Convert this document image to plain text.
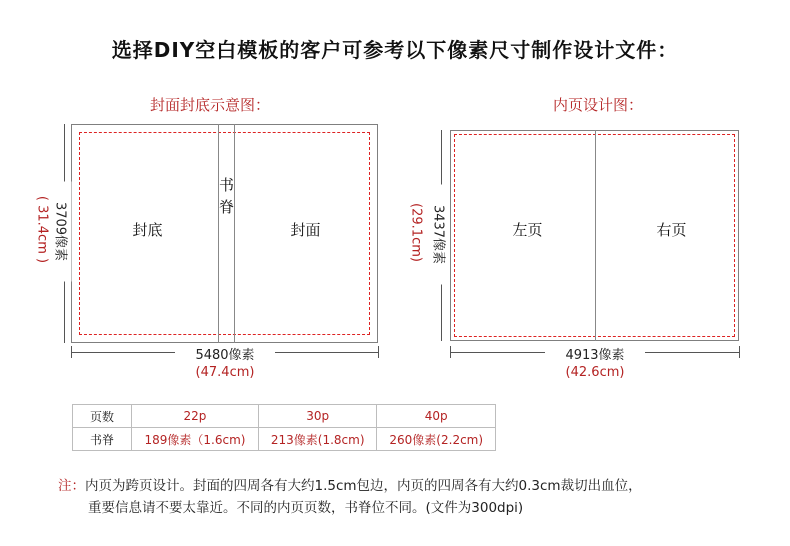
选择DIY空白模板的客户可参考以下像素尺寸制作设计文件：
封面封底示意图：
书
脊
封底	封面
3709像素
( 31.4cm )
5480像素
(47.4cm)
内页设计图：
左页	右页
3437像素
(29.1cm)
4913像素
(42.6cm)
页数	22p	30p	40p
书脊	189像素（1.6cm)	213像素(1.8cm)	260像素(2.2cm)
注：内页为跨页设计。封面的四周各有大约1.5cm包边，内页的四周各有大约0.3cm裁切出血位，
重要信息请不要太靠近。不同的内页页数，书脊位不同。(文件为300dpi)
